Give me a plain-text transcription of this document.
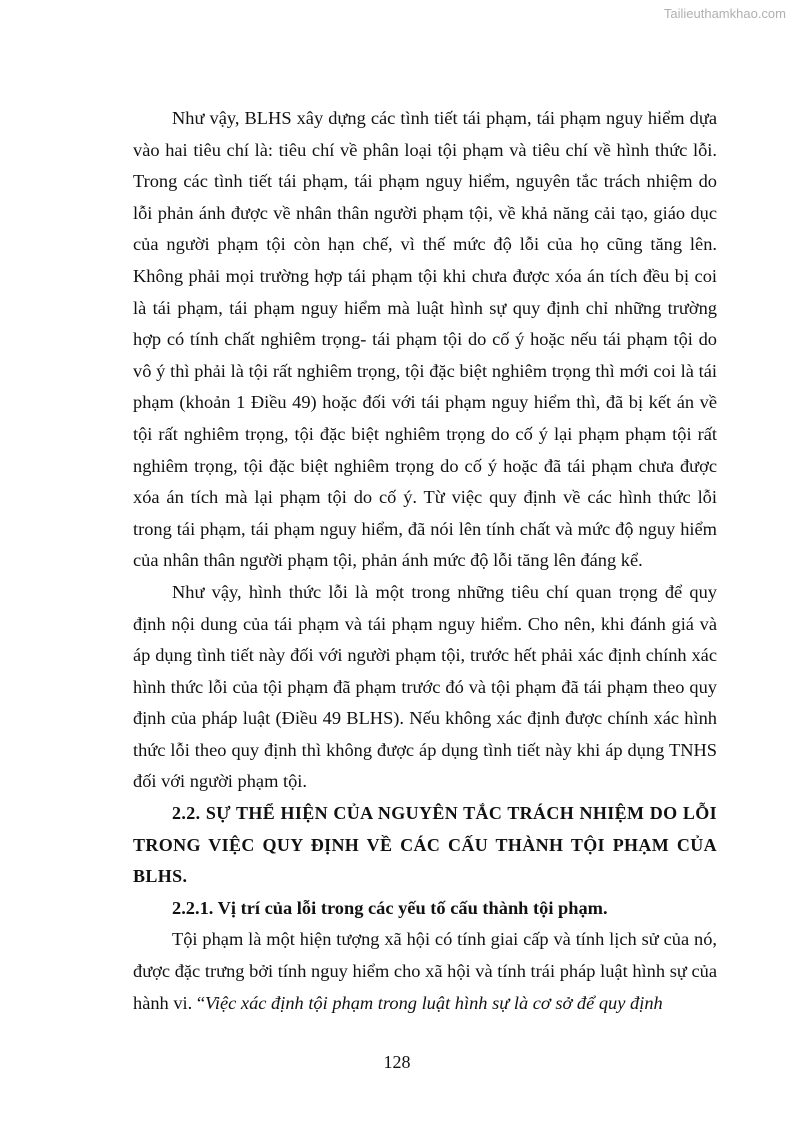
Tailieuthamkhao.com

Như vậy, BLHS xây dựng các tình tiết tái phạm, tái phạm nguy hiểm dựa vào hai tiêu chí là: tiêu chí về phân loại tội phạm và tiêu chí về hình thức lỗi. Trong các tình tiết tái phạm, tái phạm nguy hiểm, nguyên tắc trách nhiệm do lỗi phản ánh được về nhân thân người phạm tội, về khả năng cải tạo, giáo dục của người phạm tội còn hạn chế, vì thế mức độ lỗi của họ cũng tăng lên. Không phải mọi trường hợp tái phạm tội khi chưa được xóa án tích đều bị coi là tái phạm, tái phạm nguy hiểm mà luật hình sự quy định chỉ những trường hợp có tính chất nghiêm trọng- tái phạm tội do cố ý hoặc nếu tái phạm tội do vô ý thì phải là tội rất nghiêm trọng, tội đặc biệt nghiêm trọng thì mới coi là tái phạm (khoản 1 Điều 49) hoặc đối với tái phạm nguy hiểm thì, đã bị kết án về tội rất nghiêm trọng, tội đặc biệt nghiêm trọng do cố ý lại phạm phạm tội rất nghiêm trọng, tội đặc biệt nghiêm trọng do cố ý hoặc đã tái phạm chưa được xóa án tích mà lại phạm tội do cố ý. Từ việc quy định về các hình thức lỗi trong tái phạm, tái phạm nguy hiểm, đã nói lên tính chất và mức độ nguy hiểm của nhân thân người phạm tội, phản ánh mức độ lỗi tăng lên đáng kể.

Như vậy, hình thức lỗi là một trong những tiêu chí quan trọng để quy định nội dung của tái phạm và tái phạm nguy hiểm. Cho nên, khi đánh giá và áp dụng tình tiết này đối với người phạm tội, trước hết phải xác định chính xác hình thức lỗi của tội phạm đã phạm trước đó và tội phạm đã tái phạm theo quy định của pháp luật (Điều 49 BLHS). Nếu không xác định được chính xác hình thức lỗi theo quy định thì không được áp dụng tình tiết này khi áp dụng TNHS đối với người phạm tội.

2.2. SỰ THỂ HIỆN CỦA NGUYÊN TẮC TRÁCH NHIỆM DO LỖI TRONG VIỆC QUY ĐỊNH VỀ CÁC CẤU THÀNH TỘI PHẠM CỦA BLHS.
2.2.1. Vị trí của lỗi trong các yếu tố cấu thành tội phạm.

Tội phạm là một hiện tượng xã hội có tính giai cấp và tính lịch sử của nó, được đặc trưng bởi tính nguy hiểm cho xã hội và tính trái pháp luật hình sự của hành vi. “Việc xác định tội phạm trong luật hình sự là cơ sở để quy định

128
